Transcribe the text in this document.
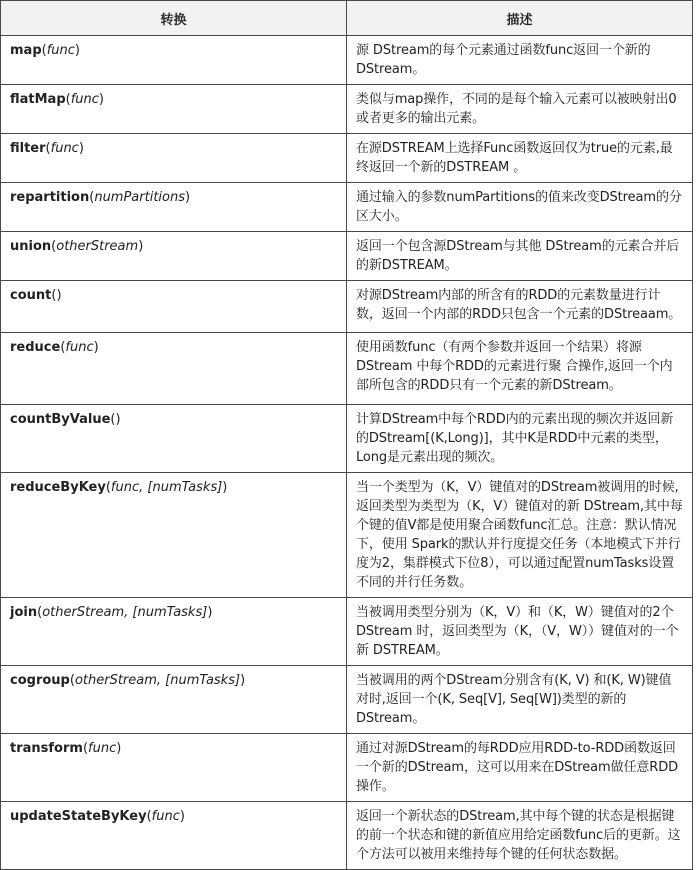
转换	描述
map(func)	源 DStream的每个元素通过函数func返回一个新的DStream。
flatMap(func)	类似与map操作，不同的是每个输入元素可以被映射出0或者更多的输出元素。
filter(func)	在源DSTREAM上选择Func函数返回仅为true的元素,最终返回一个新的DSTREAM 。
repartition(numPartitions)	通过输入的参数numPartitions的值来改变DStream的分区大小。
union(otherStream)	返回一个包含源DStream与其他 DStream的元素合并后的新DSTREAM。
count()	对源DStream内部的所含有的RDD的元素数量进行计数，返回一个内部的RDD只包含一个元素的DStreaam。
reduce(func)	使用函数func（有两个参数并返回一个结果）将源DStream 中每个RDD的元素进行聚 合操作,返回一个内部所包含的RDD只有一个元素的新DStream。
countByValue()	计算DStream中每个RDD内的元素出现的频次并返回新的DStream[(K,Long)]，其中K是RDD中元素的类型，Long是元素出现的频次。
reduceByKey(func, [numTasks])	当一个类型为（K，V）键值对的DStream被调用的时候,返回类型为类型为（K，V）键值对的新 DStream,其中每个键的值V都是使用聚合函数func汇总。注意：默认情况下，使用 Spark的默认并行度提交任务（本地模式下并行度为2，集群模式下位8），可以通过配置numTasks设置不同的并行任务数。
join(otherStream, [numTasks])	当被调用类型分别为（K，V）和（K，W）键值对的2个DStream 时，返回类型为（K，（V，W））键值对的一个新 DSTREAM。
cogroup(otherStream, [numTasks])	当被调用的两个DStream分别含有(K, V) 和(K, W)键值对时,返回一个(K, Seq[V], Seq[W])类型的新的DStream。
transform(func)	通过对源DStream的每RDD应用RDD-to-RDD函数返回一个新的DStream，这可以用来在DStream做任意RDD操作。
updateStateByKey(func)	返回一个新状态的DStream,其中每个键的状态是根据键的前一个状态和键的新值应用给定函数func后的更新。这个方法可以被用来维持每个键的任何状态数据。
